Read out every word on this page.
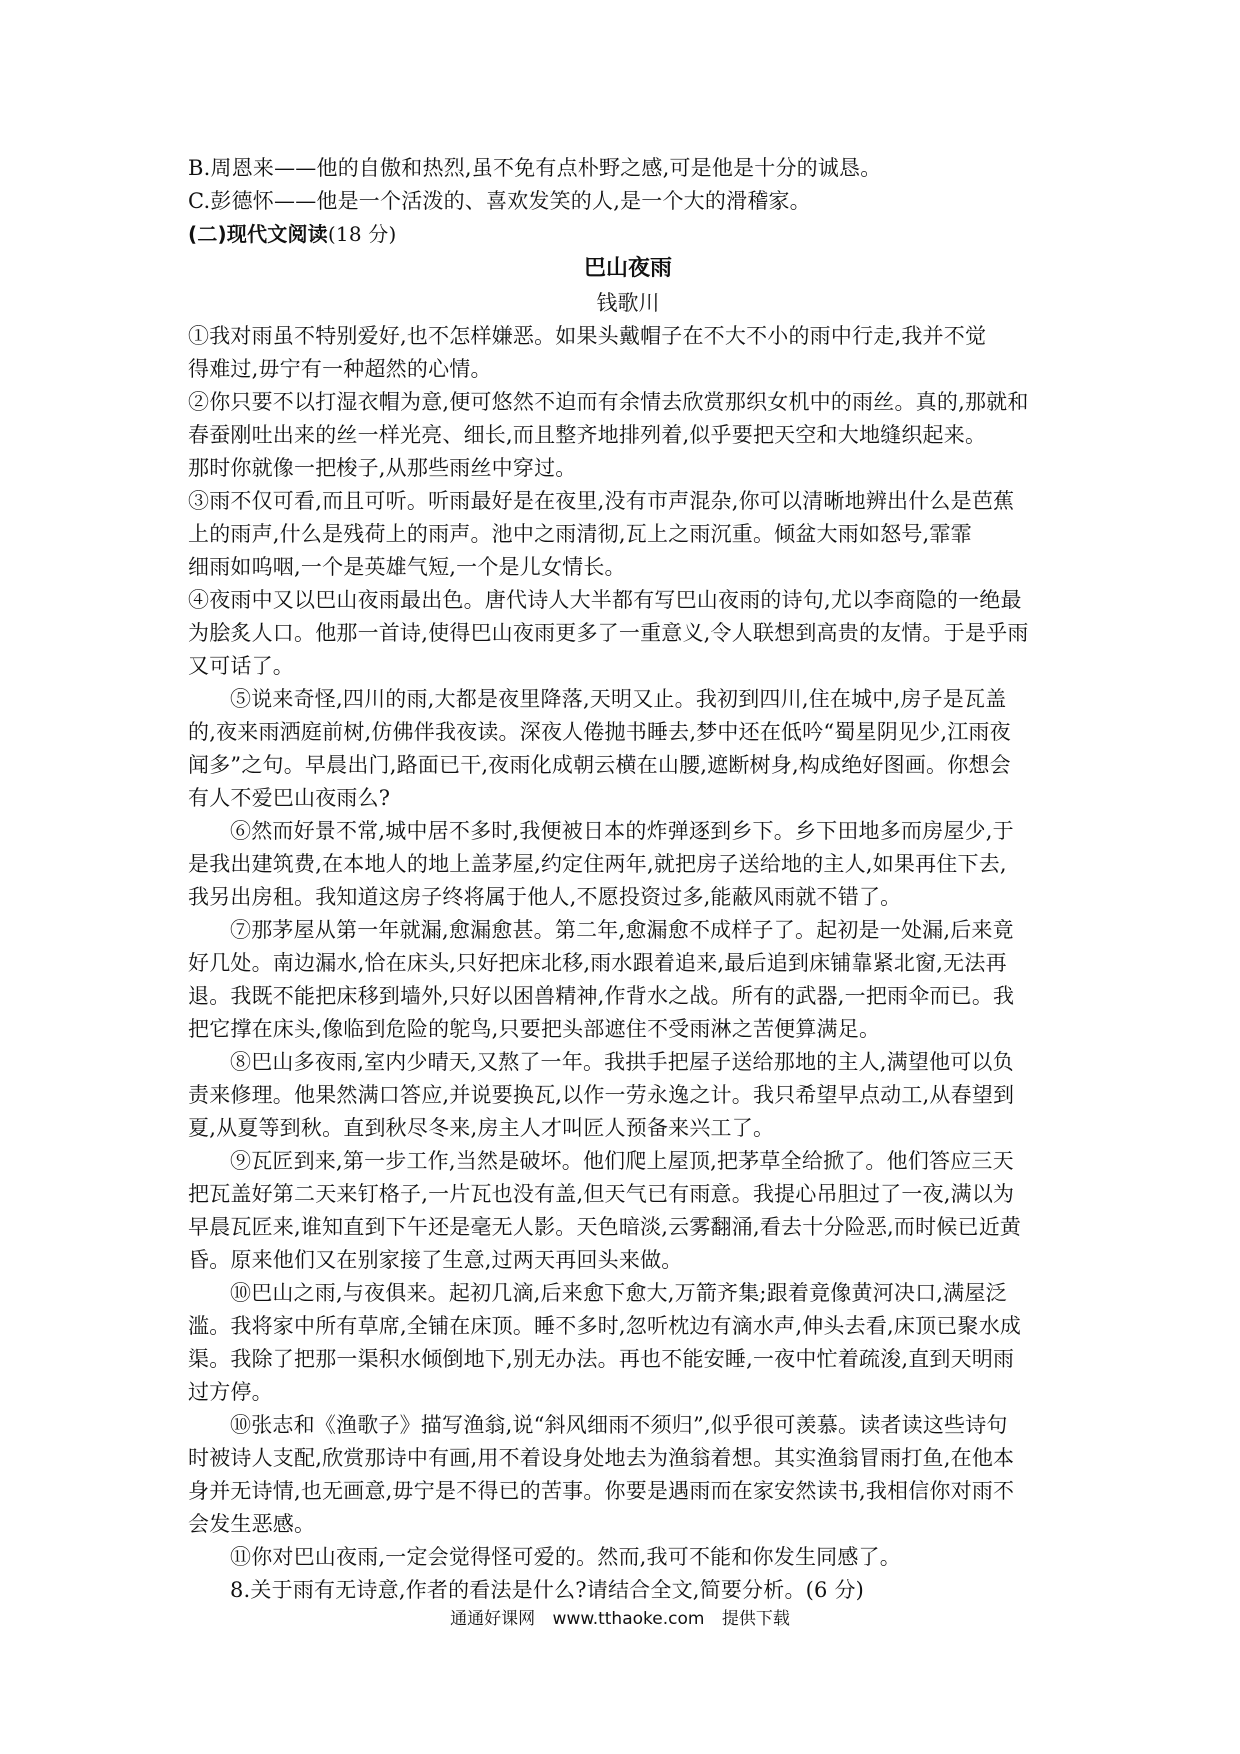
B.周恩来——他的自傲和热烈,虽不免有点朴野之感,可是他是十分的诚恳。

C.彭德怀——他是一个活泼的、喜欢发笑的人,是一个大的滑稽家。

(二)现代文阅读(18 分)

巴山夜雨

钱歌川

①我对雨虽不特别爱好,也不怎样嫌恶。如果头戴帽子在不大不小的雨中行走,我并不觉

得难过,毋宁有一种超然的心情。

②你只要不以打湿衣帽为意,便可悠然不迫而有余情去欣赏那织女机中的雨丝。真的,那就和

春蚕刚吐出来的丝一样光亮、细长,而且整齐地排列着,似乎要把天空和大地缝织起来。

那时你就像一把梭子,从那些雨丝中穿过。

③雨不仅可看,而且可听。听雨最好是在夜里,没有市声混杂,你可以清晰地辨出什么是芭蕉

上的雨声,什么是残荷上的雨声。池中之雨清彻,瓦上之雨沉重。倾盆大雨如怒号,霏霏

细雨如呜咽,一个是英雄气短,一个是儿女情长。

④夜雨中又以巴山夜雨最出色。唐代诗人大半都有写巴山夜雨的诗句,尤以李商隐的一绝最

为脍炙人口。他那一首诗,使得巴山夜雨更多了一重意义,令人联想到高贵的友情。于是乎雨

又可话了。

⑤说来奇怪,四川的雨,大都是夜里降落,天明又止。我初到四川,住在城中,房子是瓦盖

的,夜来雨洒庭前树,仿佛伴我夜读。深夜人倦抛书睡去,梦中还在低吟“蜀星阴见少,江雨夜

闻多”之句。早晨出门,路面已干,夜雨化成朝云横在山腰,遮断树身,构成绝好图画。你想会

有人不爱巴山夜雨么?

⑥然而好景不常,城中居不多时,我便被日本的炸弹逐到乡下。乡下田地多而房屋少,于

是我出建筑费,在本地人的地上盖茅屋,约定住两年,就把房子送给地的主人,如果再住下去,

我另出房租。我知道这房子终将属于他人,不愿投资过多,能蔽风雨就不错了。

⑦那茅屋从第一年就漏,愈漏愈甚。第二年,愈漏愈不成样子了。起初是一处漏,后来竟

好几处。南边漏水,恰在床头,只好把床北移,雨水跟着追来,最后追到床铺靠紧北窗,无法再

退。我既不能把床移到墙外,只好以困兽精神,作背水之战。所有的武器,一把雨伞而已。我

把它撑在床头,像临到危险的鸵鸟,只要把头部遮住不受雨淋之苦便算满足。

⑧巴山多夜雨,室内少晴天,又熬了一年。我拱手把屋子送给那地的主人,满望他可以负

责来修理。他果然满口答应,并说要换瓦,以作一劳永逸之计。我只希望早点动工,从春望到

夏,从夏等到秋。直到秋尽冬来,房主人才叫匠人预备来兴工了。

⑨瓦匠到来,第一步工作,当然是破坏。他们爬上屋顶,把茅草全给掀了。他们答应三天

把瓦盖好第二天来钉格子,一片瓦也没有盖,但天气已有雨意。我提心吊胆过了一夜,满以为

早晨瓦匠来,谁知直到下午还是毫无人影。天色暗淡,云雾翻涌,看去十分险恶,而时候已近黄

昏。原来他们又在别家接了生意,过两天再回头来做。

⑩巴山之雨,与夜俱来。起初几滴,后来愈下愈大,万箭齐集;跟着竟像黄河决口,满屋泛

滥。我将家中所有草席,全铺在床顶。睡不多时,忽听枕边有滴水声,伸头去看,床顶已聚水成

渠。我除了把那一渠积水倾倒地下,别无办法。再也不能安睡,一夜中忙着疏浚,直到天明雨

过方停。

⑩张志和《渔歌子》描写渔翁,说“斜风细雨不须归”,似乎很可羡慕。读者读这些诗句

时被诗人支配,欣赏那诗中有画,用不着设身处地去为渔翁着想。其实渔翁冒雨打鱼,在他本

身并无诗情,也无画意,毋宁是不得已的苦事。你要是遇雨而在家安然读书,我相信你对雨不

会发生恶感。

⑪你对巴山夜雨,一定会觉得怪可爱的。然而,我可不能和你发生同感了。

8.关于雨有无诗意,作者的看法是什么?请结合全文,简要分析。(6 分)

通通好课网 www.tthaoke.com 提供下载
